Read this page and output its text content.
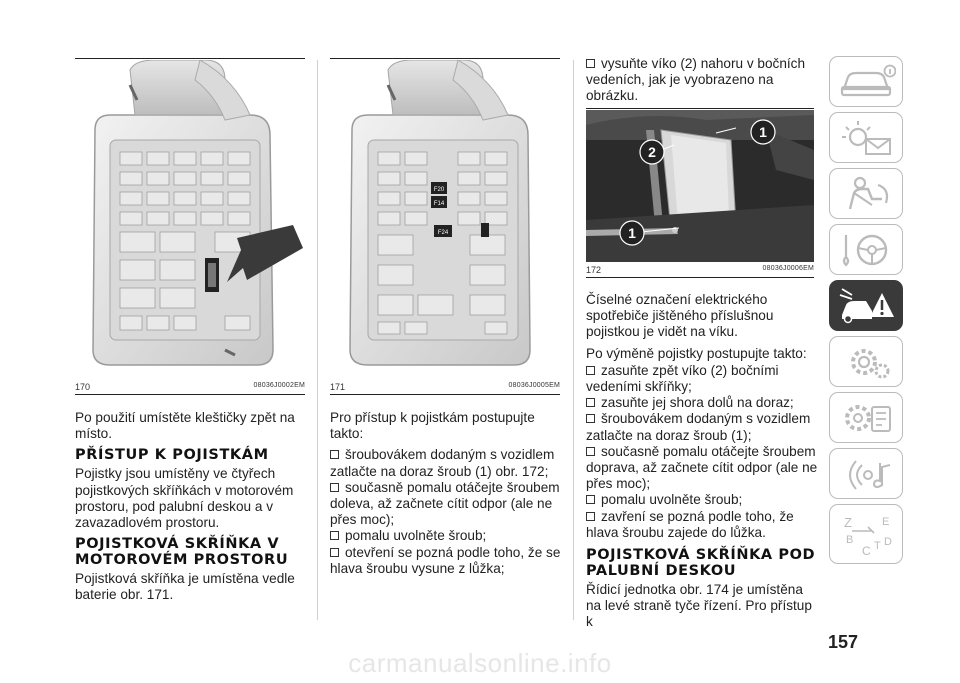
170	08036J0002EM

Po použití umístěte kleštičky zpět na místo.

PŘÍSTUP K POJISTKÁM

Pojistky jsou umístěny ve čtyřech pojistkových skříňkách v motorovém prostoru, pod palubní deskou a v zavazadlovém prostoru.

POJISTKOVÁ SKŘÍŇKA V MOTOROVÉM PROSTORU

Pojistková skříňka je umístěna vedle baterie obr. 171.

F20
F14
F24
171	08036J0005EM

Pro přístup k pojistkám postupujte takto:

šroubovákem dodaným s vozidlem zatlačte na doraz šroub (1) obr. 172;
současně pomalu otáčejte šroubem doleva, až začnete cítit odpor (ale ne přes moc);
pomalu uvolněte šroub;
otevření se pozná podle toho, že se hlava šroubu vysune z lůžka;
vysuňte víko (2) nahoru v bočních vedeních, jak je vyobrazeno na obrázku.
1
2
1
172	08036J0006EM

Číselné označení elektrického spotřebiče jištěného příslušnou pojistkou je vidět na víku.

Po výměně pojistky postupujte takto:

zasuňte zpět víko (2) bočními vedeními skříňky;
zasuňte jej shora dolů na doraz;
šroubovákem dodaným s vozidlem zatlačte na doraz šroub (1);
současně pomalu otáčejte šroubem doprava, až začnete cítit odpor (ale ne přes moc);
pomalu uvolněte šroub;
zavření se pozná podle toho, že hlava šroubu zajede do lůžka.
POJISTKOVÁ SKŘÍŇKA POD PALUBNÍ DESKOU

Řídicí jednotka obr. 174 je umístěna na levé straně tyče řízení. Pro přístup k

Z	E
B
C T D
157
carmanualsonline.info
